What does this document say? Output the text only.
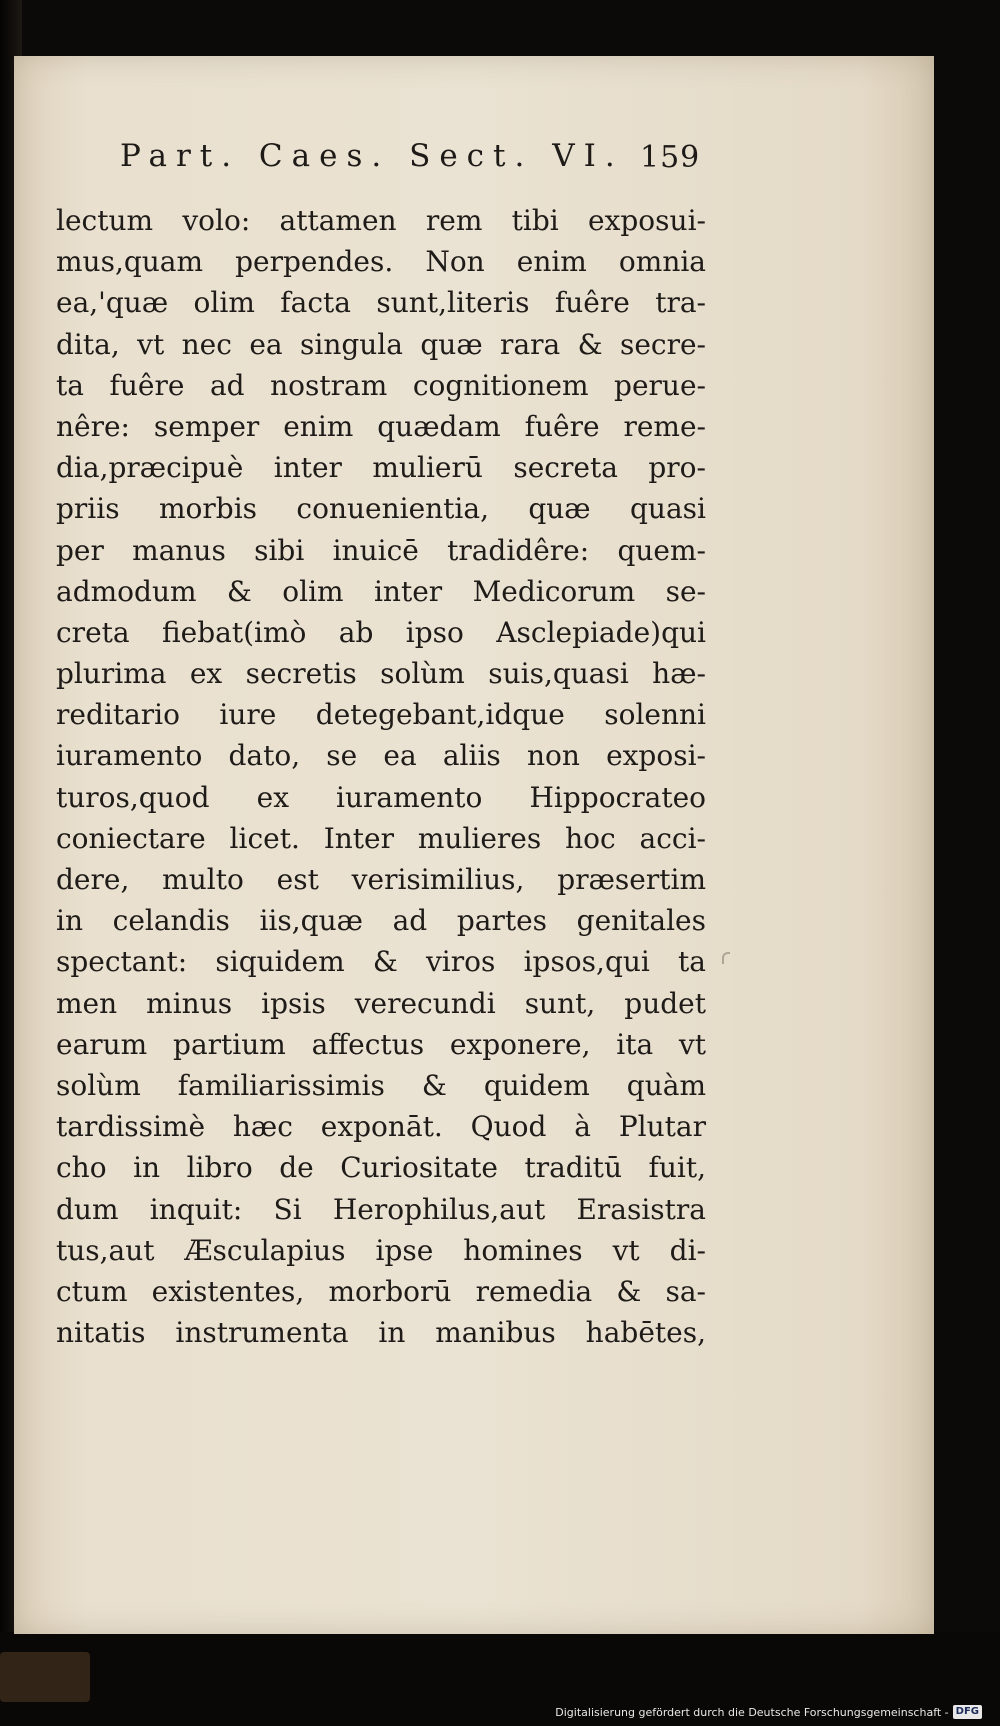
Part. Caes. Sect. VI. 159
lectum volo: attamen rem tibi exposui-
mus,quam perpendes. Non enim omnia
ea,'quæ olim facta sunt,literis fuêre tra-
dita, vt nec ea singula quæ rara & secre-
ta fuêre ad nostram cognitionem perue-
nêre: semper enim quædam fuêre reme-
dia,præcipuè inter mulierū secreta pro-
priis morbis conuenientia, quæ quasi
per manus sibi inuicē tradidêre: quem-
admodum & olim inter Medicorum se-
creta fiebat(imò ab ipso Asclepiade)qui
plurima ex secretis solùm suis,quasi hæ-
reditario iure detegebant,idque solenni
iuramento dato, se ea aliis non exposi-
turos,quod ex iuramento Hippocrateo
coniectare licet. Inter mulieres hoc acci-
dere, multo est verisimilius, præsertim
in celandis iis,quæ ad partes genitales
spectant: siquidem & viros ipsos,qui ta
men minus ipsis verecundi sunt, pudet
earum partium affectus exponere, ita vt
solùm familiarissimis & quidem quàm
tardissimè hæc exponāt. Quod à Plutar
cho in libro de Curiositate traditū fuit,
dum inquit: Si Herophilus,aut Erasistra
tus,aut Æsculapius ipse homines vt di-
ctum existentes, morborū remedia & sa-
nitatis instrumenta in manibus habētes,
Digitalisierung gefördert durch die Deutsche Forschungsgemeinschaft - DFG
